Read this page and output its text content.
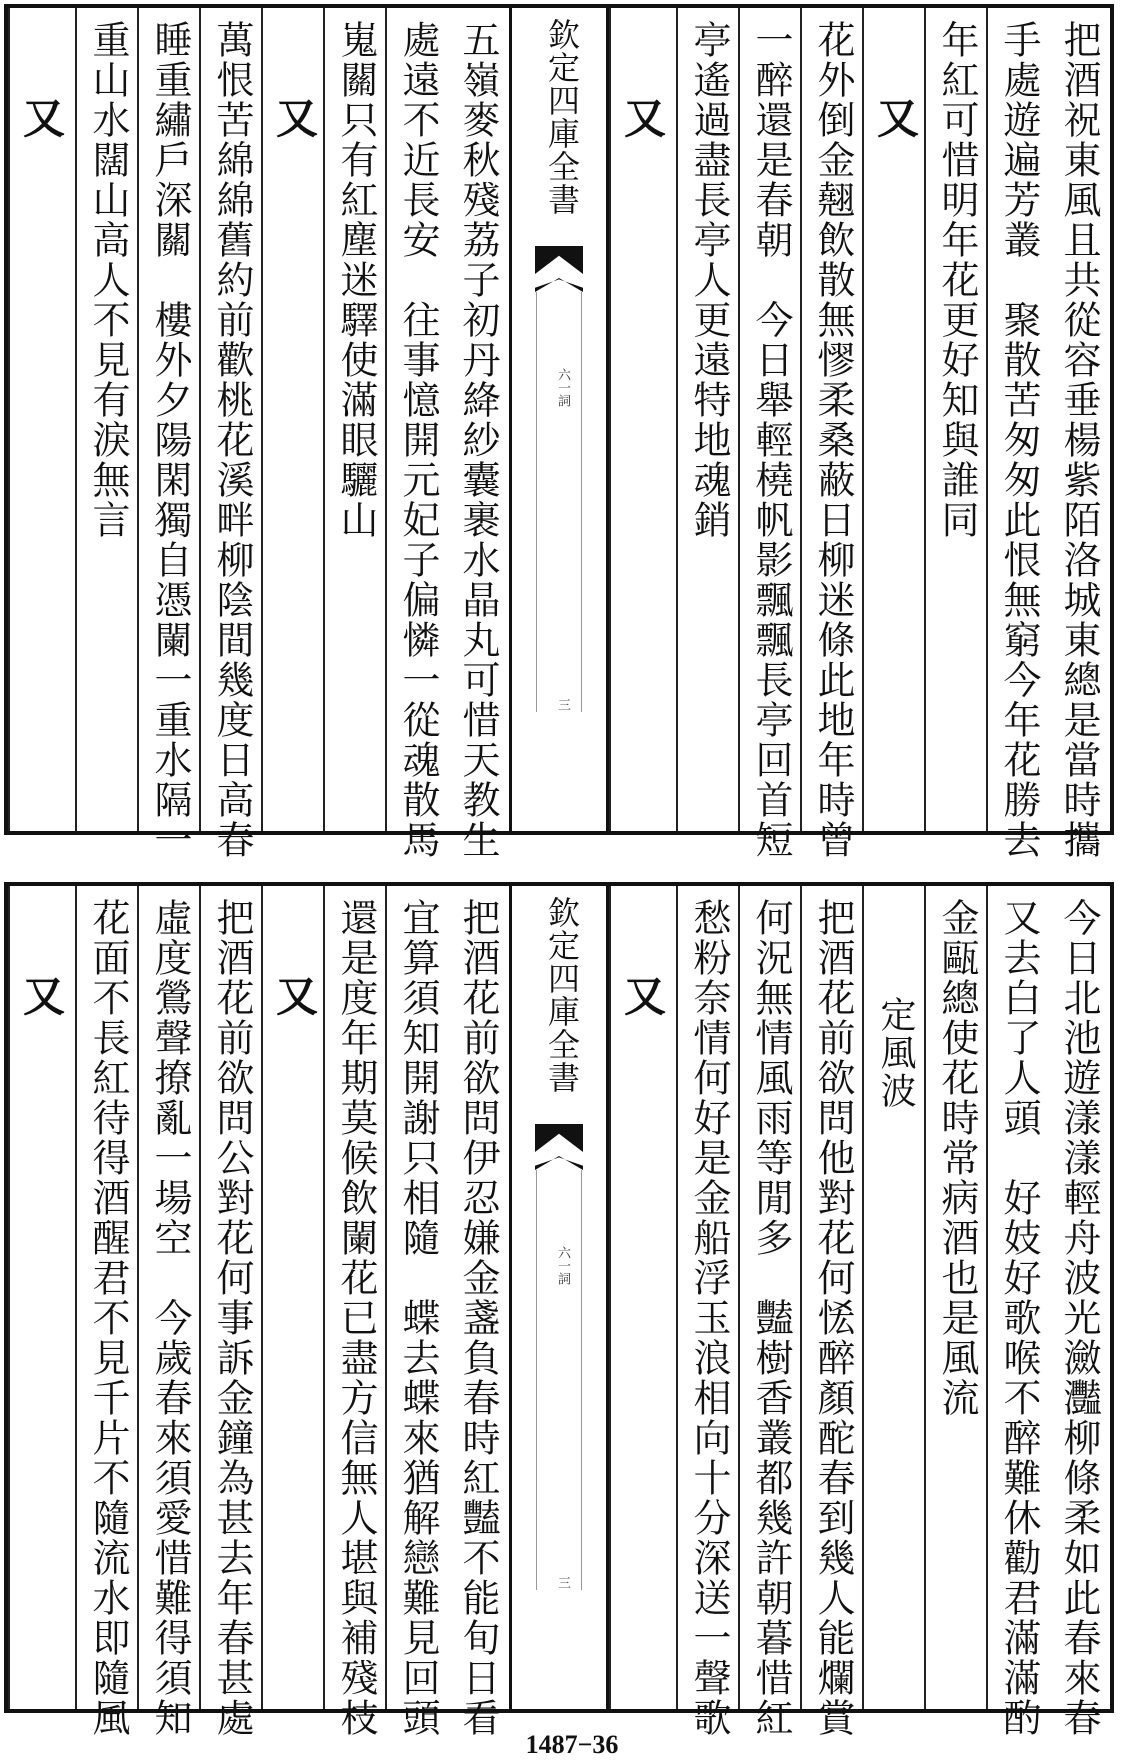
把酒祝東風且共從容垂楊紫陌洛城東總是當時攜
手處遊遍芳叢　聚散苦匆匆此恨無窮今年花勝去
年紅可惜明年花更好知與誰同
又
花外倒金翹飲散無憀柔桑蔽日柳迷條此地年時曾
一醉還是春朝　今日舉輕橈帆影飄飄長亭回首短
亭遙過盡長亭人更遠特地魂銷
又
欽定四庫全書
六一詞
三
五嶺麥秋殘荔子初丹絳紗囊裹水晶丸可惜天教生
處遠不近長安　往事憶開元妃子偏憐一從魂散馬
嵬關只有紅塵迷驛使滿眼驪山
又
萬恨苦綿綿舊約前歡桃花溪畔柳陰間幾度日高春
睡重繡戶深關　樓外夕陽閑獨自憑闌一重水隔一
重山水闊山高人不見有淚無言
又
今日北池遊漾漾輕舟波光瀲灩柳條柔如此春來春
又去白了人頭　好妓好歌喉不醉難休勸君滿滿酌
金甌總使花時常病酒也是風流
定風波
把酒花前欲問他對花何恡醉顏酡春到幾人能爛賞
何況無情風雨等閒多　豔樹香叢都幾許朝暮惜紅
愁粉奈情何好是金船浮玉浪相向十分深送一聲歌
又
欽定四庫全書
六一詞
三
把酒花前欲問伊忍嫌金盞負春時紅豔不能旬日看
宜算須知開謝只相隨　蝶去蝶來猶解戀難見回頭
還是度年期莫候飲闌花已盡方信無人堪與補殘枝
又
把酒花前欲問公對花何事訴金鐘為甚去年春甚處
虛度鶯聲撩亂一場空　今歲春來須愛惜難得須知
花面不長紅待得酒醒君不見千片不隨流水即隨風
又
1487−36
